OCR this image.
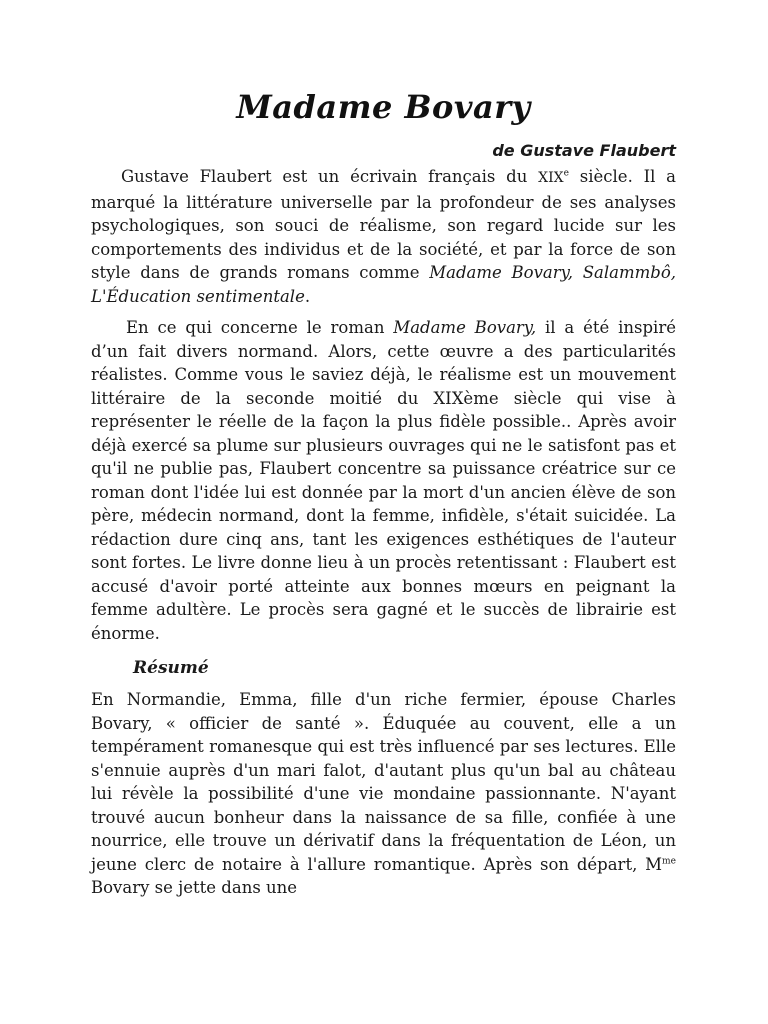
Madame Bovary
de Gustave Flaubert

Gustave Flaubert est un écrivain français du XIXe siècle. Il a marqué la littérature universelle par la profondeur de ses analyses psychologiques, son souci de réalisme, son regard lucide sur les comportements des individus et de la société, et par la force de son style dans de grands romans comme Madame Bovary, Salammbô, L'Éducation sentimentale.

En ce qui concerne le roman Madame Bovary, il a été inspiré d’un fait divers normand. Alors, cette œuvre a des particularités réalistes. Comme vous le saviez déjà, le réalisme est un mouvement littéraire de la seconde moitié du XIXème siècle qui vise à représenter le réelle de la façon la plus fidèle possible.. Après avoir déjà exercé sa plume sur plusieurs ouvrages qui ne le satisfont pas et qu'il ne publie pas, Flaubert concentre sa puissance créatrice sur ce roman dont l'idée lui est donnée par la mort d'un ancien élève de son père, médecin normand, dont la femme, infidèle, s'était suicidée. La rédaction dure cinq ans, tant les exigences esthétiques de l'auteur sont fortes. Le livre donne lieu à un procès retentissant : Flaubert est accusé d'avoir porté atteinte aux bonnes mœurs en peignant la femme adultère. Le procès sera gagné et le succès de librairie est énorme.

Résumé

En Normandie, Emma, fille d'un riche fermier, épouse Charles Bovary, « officier de santé ». Éduquée au couvent, elle a un tempérament romanesque qui est très influencé par ses lectures. Elle s'ennuie auprès d'un mari falot, d'autant plus qu'un bal au château lui révèle la possibilité d'une vie mondaine passionnante. N'ayant trouvé aucun bonheur dans la naissance de sa fille, confiée à une nourrice, elle trouve un dérivatif dans la fréquentation de Léon, un jeune clerc de notaire à l'allure romantique. Après son départ, $M^{me}$ Bovary se jette dans une
